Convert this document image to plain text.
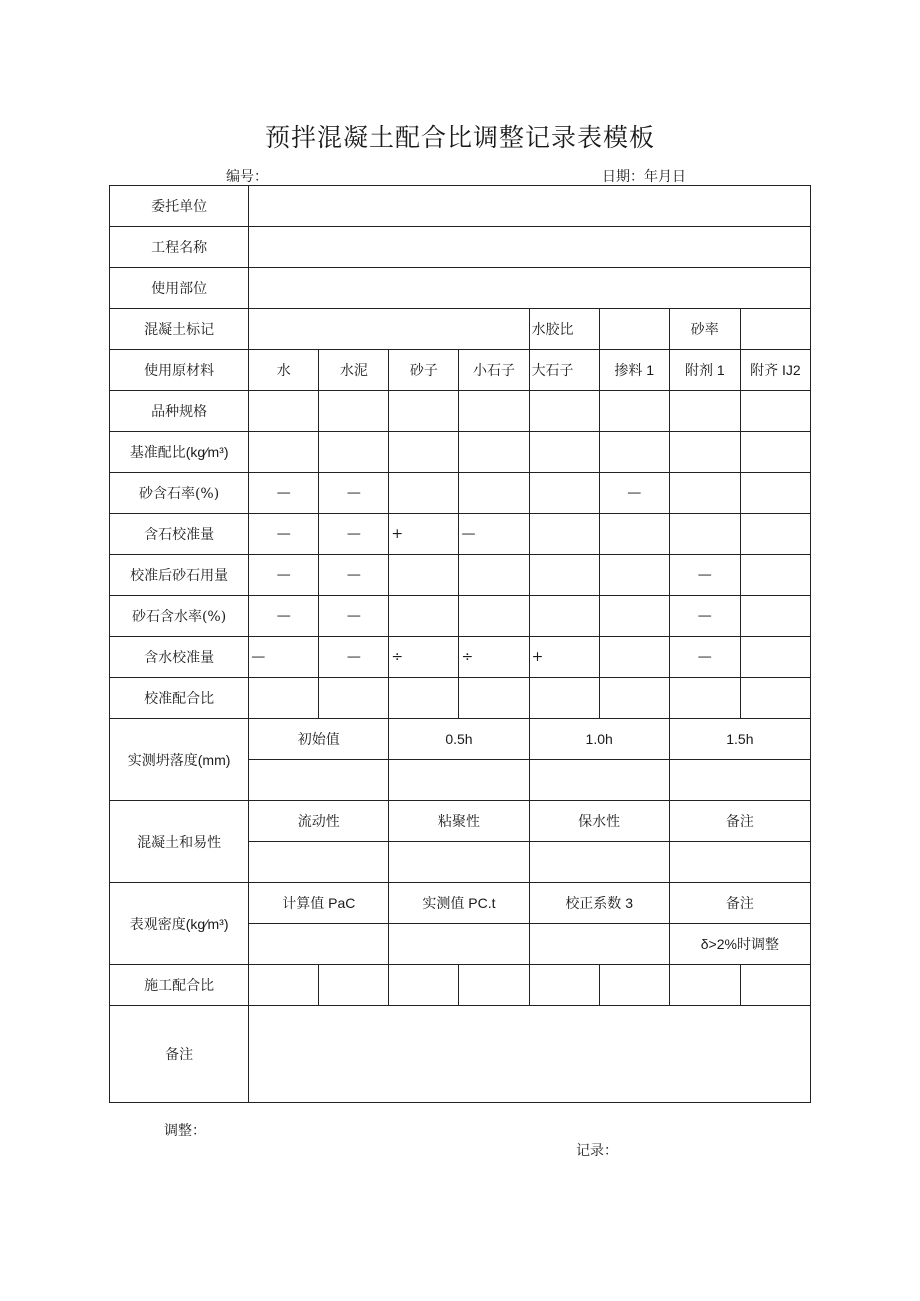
预拌混凝土配合比调整记录表模板
编号：	日期：年月日
委托单位								
工程名称								
使用部位								
混凝土标记					水胶比		砂率	
使用原材料	水	水泥	砂子	小石子	大石子	掺料 1	附剂 1	附齐 IJ2
品种规格								
基准配比(kg∕m³)								
砂含石率(%)	—	—				—		
含石校准量	—	—	+	—				
校准后砂石用量	—	—					—	
砂石含水率(%)	—	—					—	
含水校准量	—	—	÷	÷	+		—	
校准配合比								
实测坍落度(mm)	初始值		0.5h		1.0h		1.5h	

混凝土和易性	流动性		粘聚性		保水性		备注	

表观密度(kg∕m³)	计算值 PaC		实测值 PC.t		校正系数 3		备注	
							δ>2%时调整	
施工配合比								
备注								
调整：
记录：
